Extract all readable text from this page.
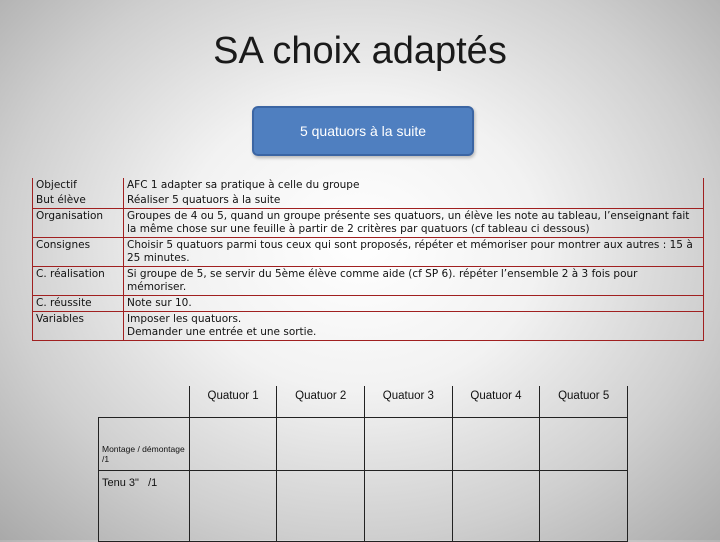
SA choix adaptés
5 quatuors à la suite
Objectif	AFC 1 adapter sa pratique à celle du groupe
But élève	Réaliser 5 quatuors à la suite
Organisation	Groupes de 4 ou 5, quand un groupe présente ses quatuors, un élève les note au tableau, l’enseignant fait la même chose sur une feuille à partir de 2 critères par quatuors (cf tableau ci dessous)
Consignes	Choisir 5 quatuors parmi tous ceux qui sont proposés, répéter et mémoriser pour montrer aux autres : 15 à 25 minutes.
C. réalisation	Si groupe de 5, se servir du 5ème élève comme aide (cf SP 6). répéter l’ensemble 2 à 3 fois pour mémoriser.
C. réussite	Note sur 10.
Variables	Imposer les quatuors.
Demander une entrée et une sortie.
	Quatuor 1	Quatuor 2	Quatuor 3	Quatuor 4	Quatuor 5

Montage / démontage /1					

Tenu 3"   /1					
